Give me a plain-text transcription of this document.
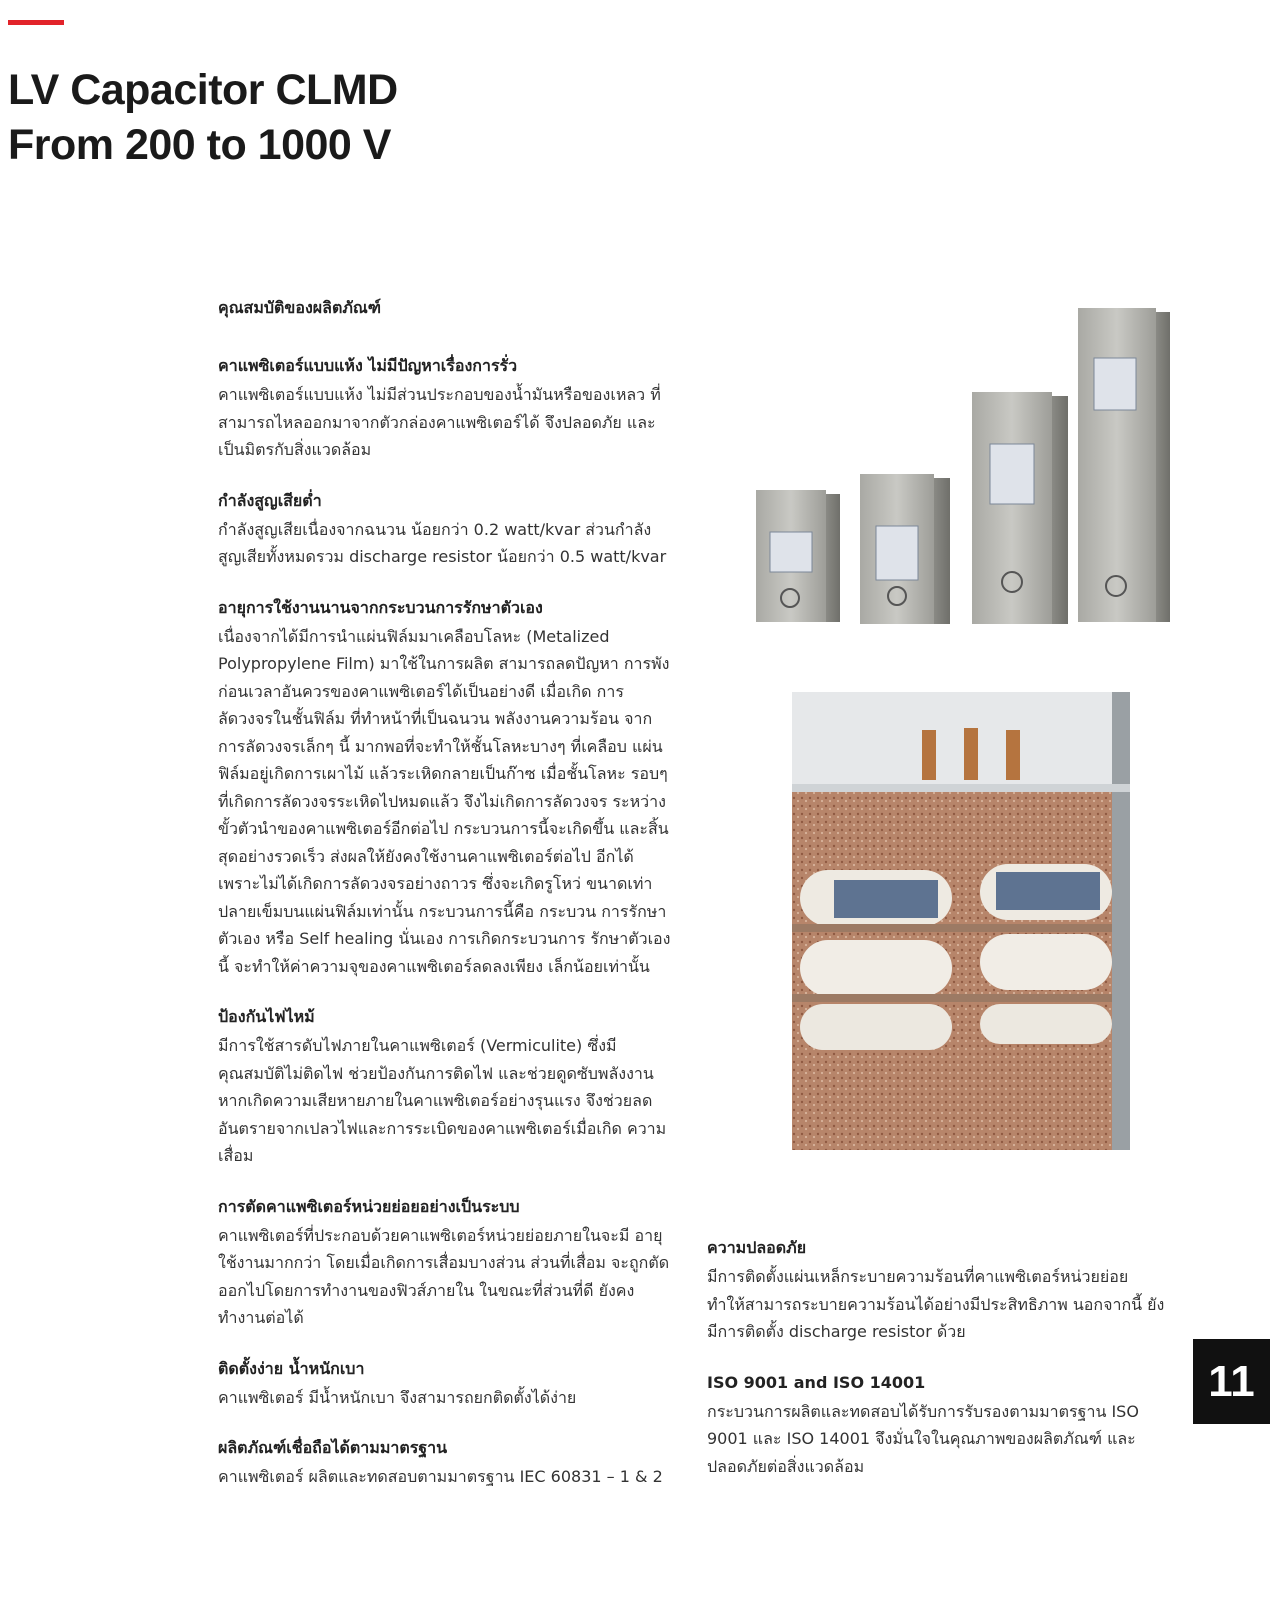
LV Capacitor CLMD
From 200 to 1000 V
คุณสมบัติของผลิตภัณฑ์
คาแพซิเตอร์แบบแห้ง ไม่มีปัญหาเรื่องการรั่ว

คาแพซิเตอร์แบบแห้ง ไม่มีส่วนประกอบของน้ำมันหรือของเหลว ที่สามารถไหลออกมาจากตัวกล่องคาแพซิเตอร์ได้ จึงปลอดภัย และเป็นมิตรกับสิ่งแวดล้อม

กำลังสูญเสียต่ำ

กำลังสูญเสียเนื่องจากฉนวน น้อยกว่า 0.2 watt/kvar ส่วนกำลัง สูญเสียทั้งหมดรวม discharge resistor น้อยกว่า 0.5 watt/kvar

อายุการใช้งานนานจากกระบวนการรักษาตัวเอง

เนื่องจากได้มีการนำแผ่นฟิล์มมาเคลือบโลหะ (Metalized Polypropylene Film) มาใช้ในการผลิต สามารถลดปัญหา การพังก่อนเวลาอันควรของคาแพซิเตอร์ได้เป็นอย่างดี เมื่อเกิด การลัดวงจรในชั้นฟิล์ม ที่ทำหน้าที่เป็นฉนวน พลังงานความร้อน จากการลัดวงจรเล็กๆ นี้ มากพอที่จะทำให้ชั้นโลหะบางๆ ที่เคลือบ แผ่นฟิล์มอยู่เกิดการเผาไม้ แล้วระเหิดกลายเป็นก๊าซ เมื่อชั้นโลหะ รอบๆ ที่เกิดการลัดวงจรระเหิดไปหมดแล้ว จึงไม่เกิดการลัดวงจร ระหว่างขั้วตัวนำของคาแพซิเตอร์อีกต่อไป กระบวนการนี้จะเกิดขึ้น และสิ้นสุดอย่างรวดเร็ว ส่งผลให้ยังคงใช้งานคาแพซิเตอร์ต่อไป อีกได้ เพราะไม่ได้เกิดการลัดวงจรอย่างถาวร ซึ่งจะเกิดรูโหว่ ขนาดเท่าปลายเข็มบนแผ่นฟิล์มเท่านั้น กระบวนการนี้คือ กระบวน การรักษาตัวเอง หรือ Self healing นั่นเอง การเกิดกระบวนการ รักษาตัวเองนี้ จะทำให้ค่าความจุของคาแพซิเตอร์ลดลงเพียง เล็กน้อยเท่านั้น

ป้องกันไฟไหม้

มีการใช้สารดับไฟภายในคาแพซิเตอร์ (Vermiculite) ซึ่งมี คุณสมบัติไม่ติดไฟ ช่วยป้องกันการติดไฟ และช่วยดูดซับพลังงาน หากเกิดความเสียหายภายในคาแพซิเตอร์อย่างรุนแรง จึงช่วยลด อันตรายจากเปลวไฟและการระเบิดของคาแพซิเตอร์เมื่อเกิด ความเสื่อม

การตัดคาแพซิเตอร์หน่วยย่อยอย่างเป็นระบบ

คาแพซิเตอร์ที่ประกอบด้วยคาแพซิเตอร์หน่วยย่อยภายในจะมี อายุใช้งานมากกว่า โดยเมื่อเกิดการเสื่อมบางส่วน ส่วนที่เสื่อม จะถูกตัดออกไปโดยการทำงานของฟิวส์ภายใน ในขณะที่ส่วนที่ดี ยังคงทำงานต่อได้

ติดตั้งง่าย น้ำหนักเบา

คาแพซิเตอร์ มีน้ำหนักเบา จึงสามารถยกติดตั้งได้ง่าย

ผลิตภัณฑ์เชื่อถือได้ตามมาตรฐาน

คาแพซิเตอร์ ผลิตและทดสอบตามมาตรฐาน IEC 60831 – 1 & 2

ความปลอดภัย

มีการติดตั้งแผ่นเหล็กระบายความร้อนที่คาแพซิเตอร์หน่วยย่อย ทำให้สามารถระบายความร้อนได้อย่างมีประสิทธิภาพ นอกจากนี้ ยังมีการติดตั้ง discharge resistor ด้วย

ISO 9001 and ISO 14001

กระบวนการผลิตและทดสอบได้รับการรับรองตามมาตรฐาน ISO 9001 และ ISO 14001 จึงมั่นใจในคุณภาพของผลิตภัณฑ์ และปลอดภัยต่อสิ่งแวดล้อม

11
